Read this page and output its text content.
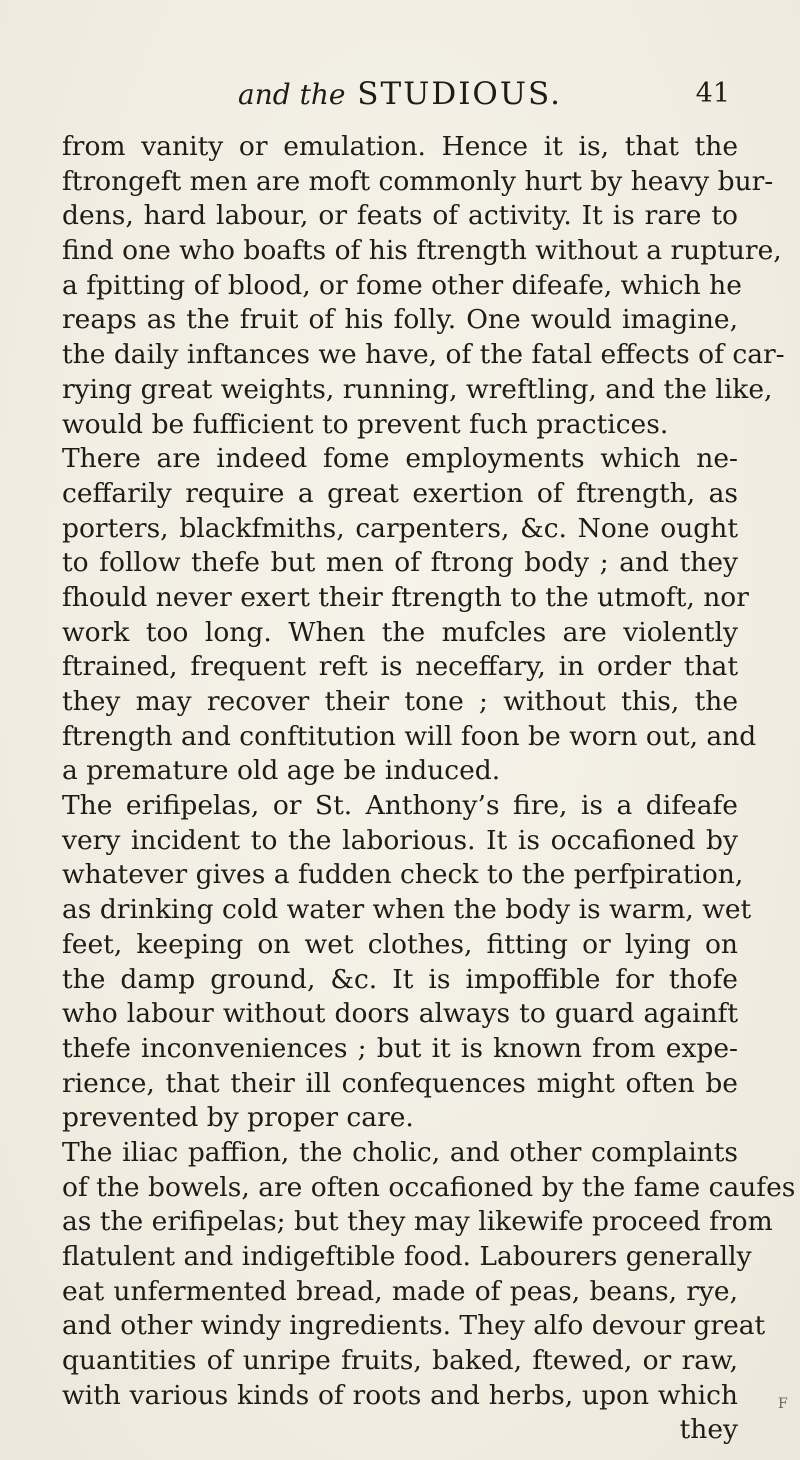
and the STUDIOUS.	41
from vanity or emulation. Hence it is, that the
ftrongeft men are moft commonly hurt by heavy bur-
dens, hard labour, or feats of activity. It is rare to
find one who boafts of his ftrength without a rupture,
a fpitting of blood, or fome other difeafe, which he
reaps as the fruit of his folly. One would imagine,
the daily inftances we have, of the fatal effects of car-
rying great weights, running, wreftling, and the like,
would be fufficient to prevent fuch practices.
There are indeed fome employments which ne-
ceffarily require a great exertion of ftrength, as
porters, blackfmiths, carpenters, &c. None ought
to follow thefe but men of ftrong body ; and they
fhould never exert their ftrength to the utmoft, nor
work too long. When the mufcles are violently
ftrained, frequent reft is neceffary, in order that
they may recover their tone ; without this, the
ftrength and conftitution will foon be worn out, and
a premature old age be induced.
The erifipelas, or St. Anthony’s fire, is a difeafe
very incident to the laborious. It is occafioned by
whatever gives a fudden check to the perfpiration,
as drinking cold water when the body is warm, wet
feet, keeping on wet clothes, fitting or lying on
the damp ground, &c. It is impoffible for thofe
who labour without doors always to guard againft
thefe inconveniences ; but it is known from expe-
rience, that their ill confequences might often be
prevented by proper care.
The iliac paffion, the cholic, and other complaints
of the bowels, are often occafioned by the fame caufes
as the erifipelas; but they may likewife proceed from
flatulent and indigeftible food. Labourers generally
eat unfermented bread, made of peas, beans, rye,
and other windy ingredients. They alfo devour great
quantities of unripe fruits, baked, ftewed, or raw,
with various kinds of roots and herbs, upon which
they
F
